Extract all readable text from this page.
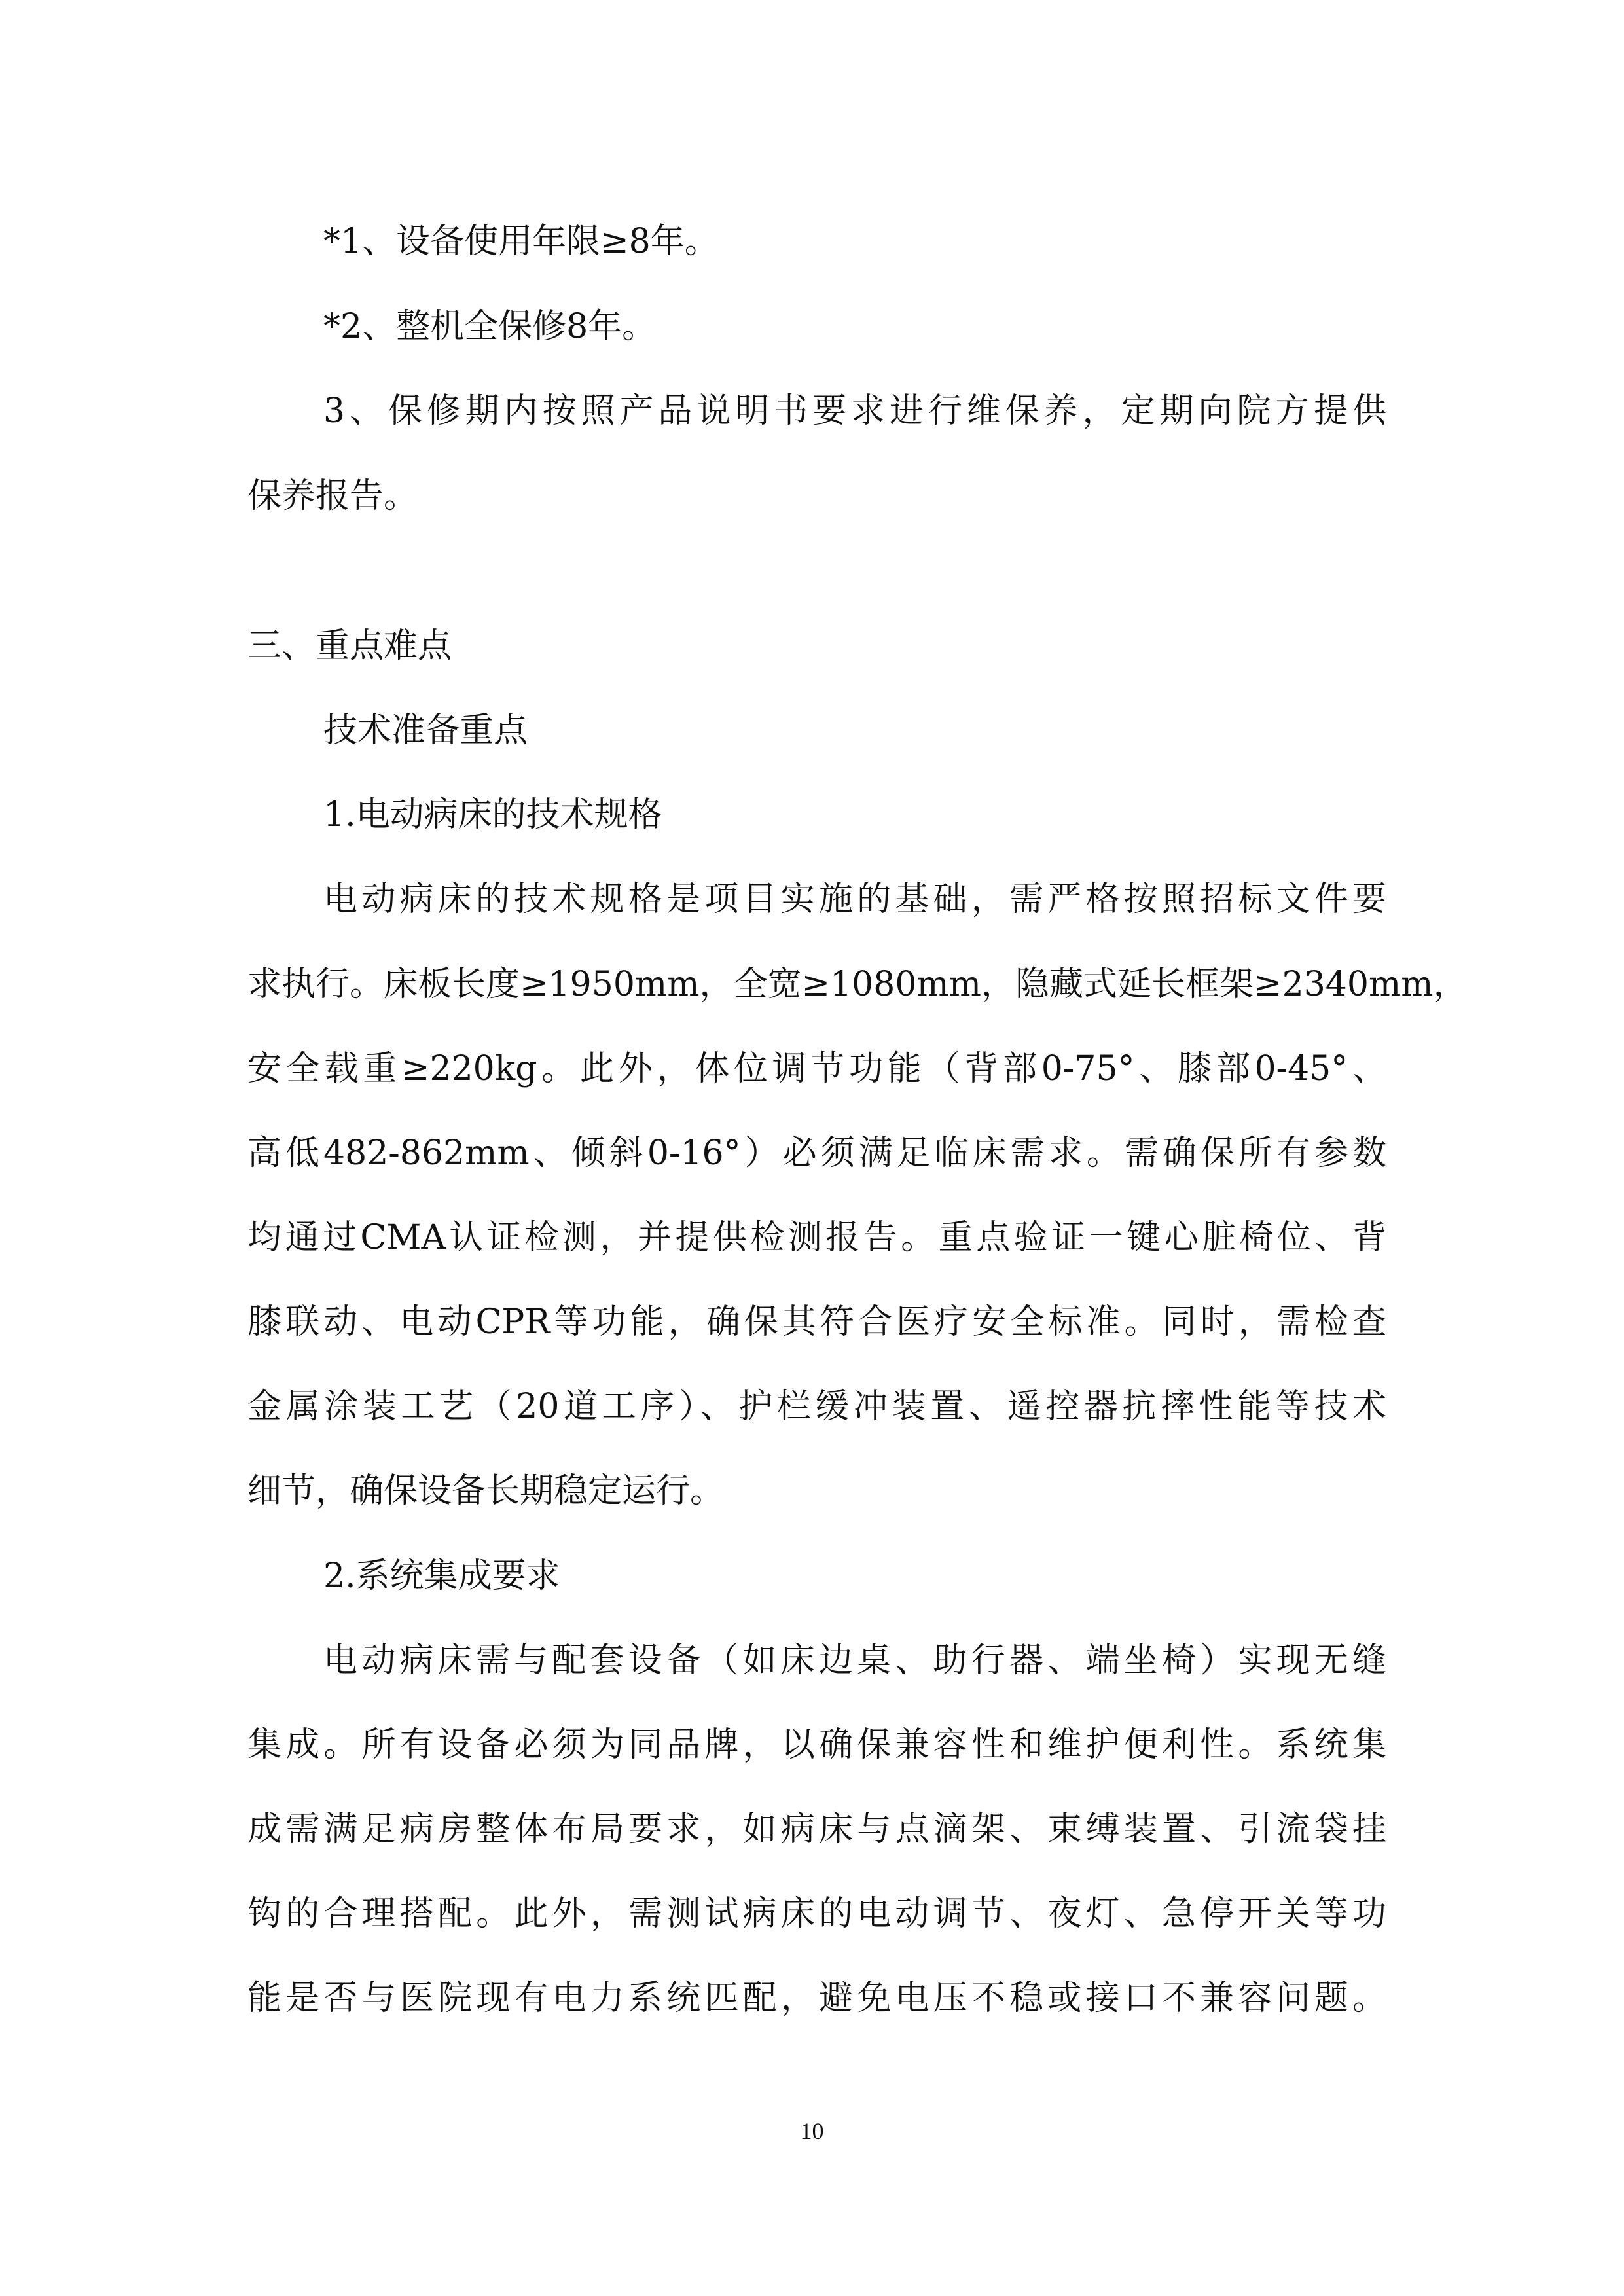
*1、设备使用年限≥8年。

*2、整机全保修8年。

3、保修期内按照产品说明书要求进行维保养，定期向院方提供

保养报告。

三、重点难点

技术准备重点

1.电动病床的技术规格

电动病床的技术规格是项目实施的基础，需严格按照招标文件要

求执行。床板长度≥1950mm，全宽≥1080mm，隐藏式延长框架≥2340mm，

安全载重≥220kg。此外，体位调节功能（背部0-75°、膝部0-45°、

高低482-862mm、倾斜0-16°）必须满足临床需求。需确保所有参数

均通过CMA认证检测，并提供检测报告。重点验证一键心脏椅位、背

膝联动、电动CPR等功能，确保其符合医疗安全标准。同时，需检查

金属涂装工艺（20道工序）、护栏缓冲装置、遥控器抗摔性能等技术

细节，确保设备长期稳定运行。

2.系统集成要求

电动病床需与配套设备（如床边桌、助行器、端坐椅）实现无缝

集成。所有设备必须为同品牌，以确保兼容性和维护便利性。系统集

成需满足病房整体布局要求，如病床与点滴架、束缚装置、引流袋挂

钩的合理搭配。此外，需测试病床的电动调节、夜灯、急停开关等功

能是否与医院现有电力系统匹配，避免电压不稳或接口不兼容问题。

10
